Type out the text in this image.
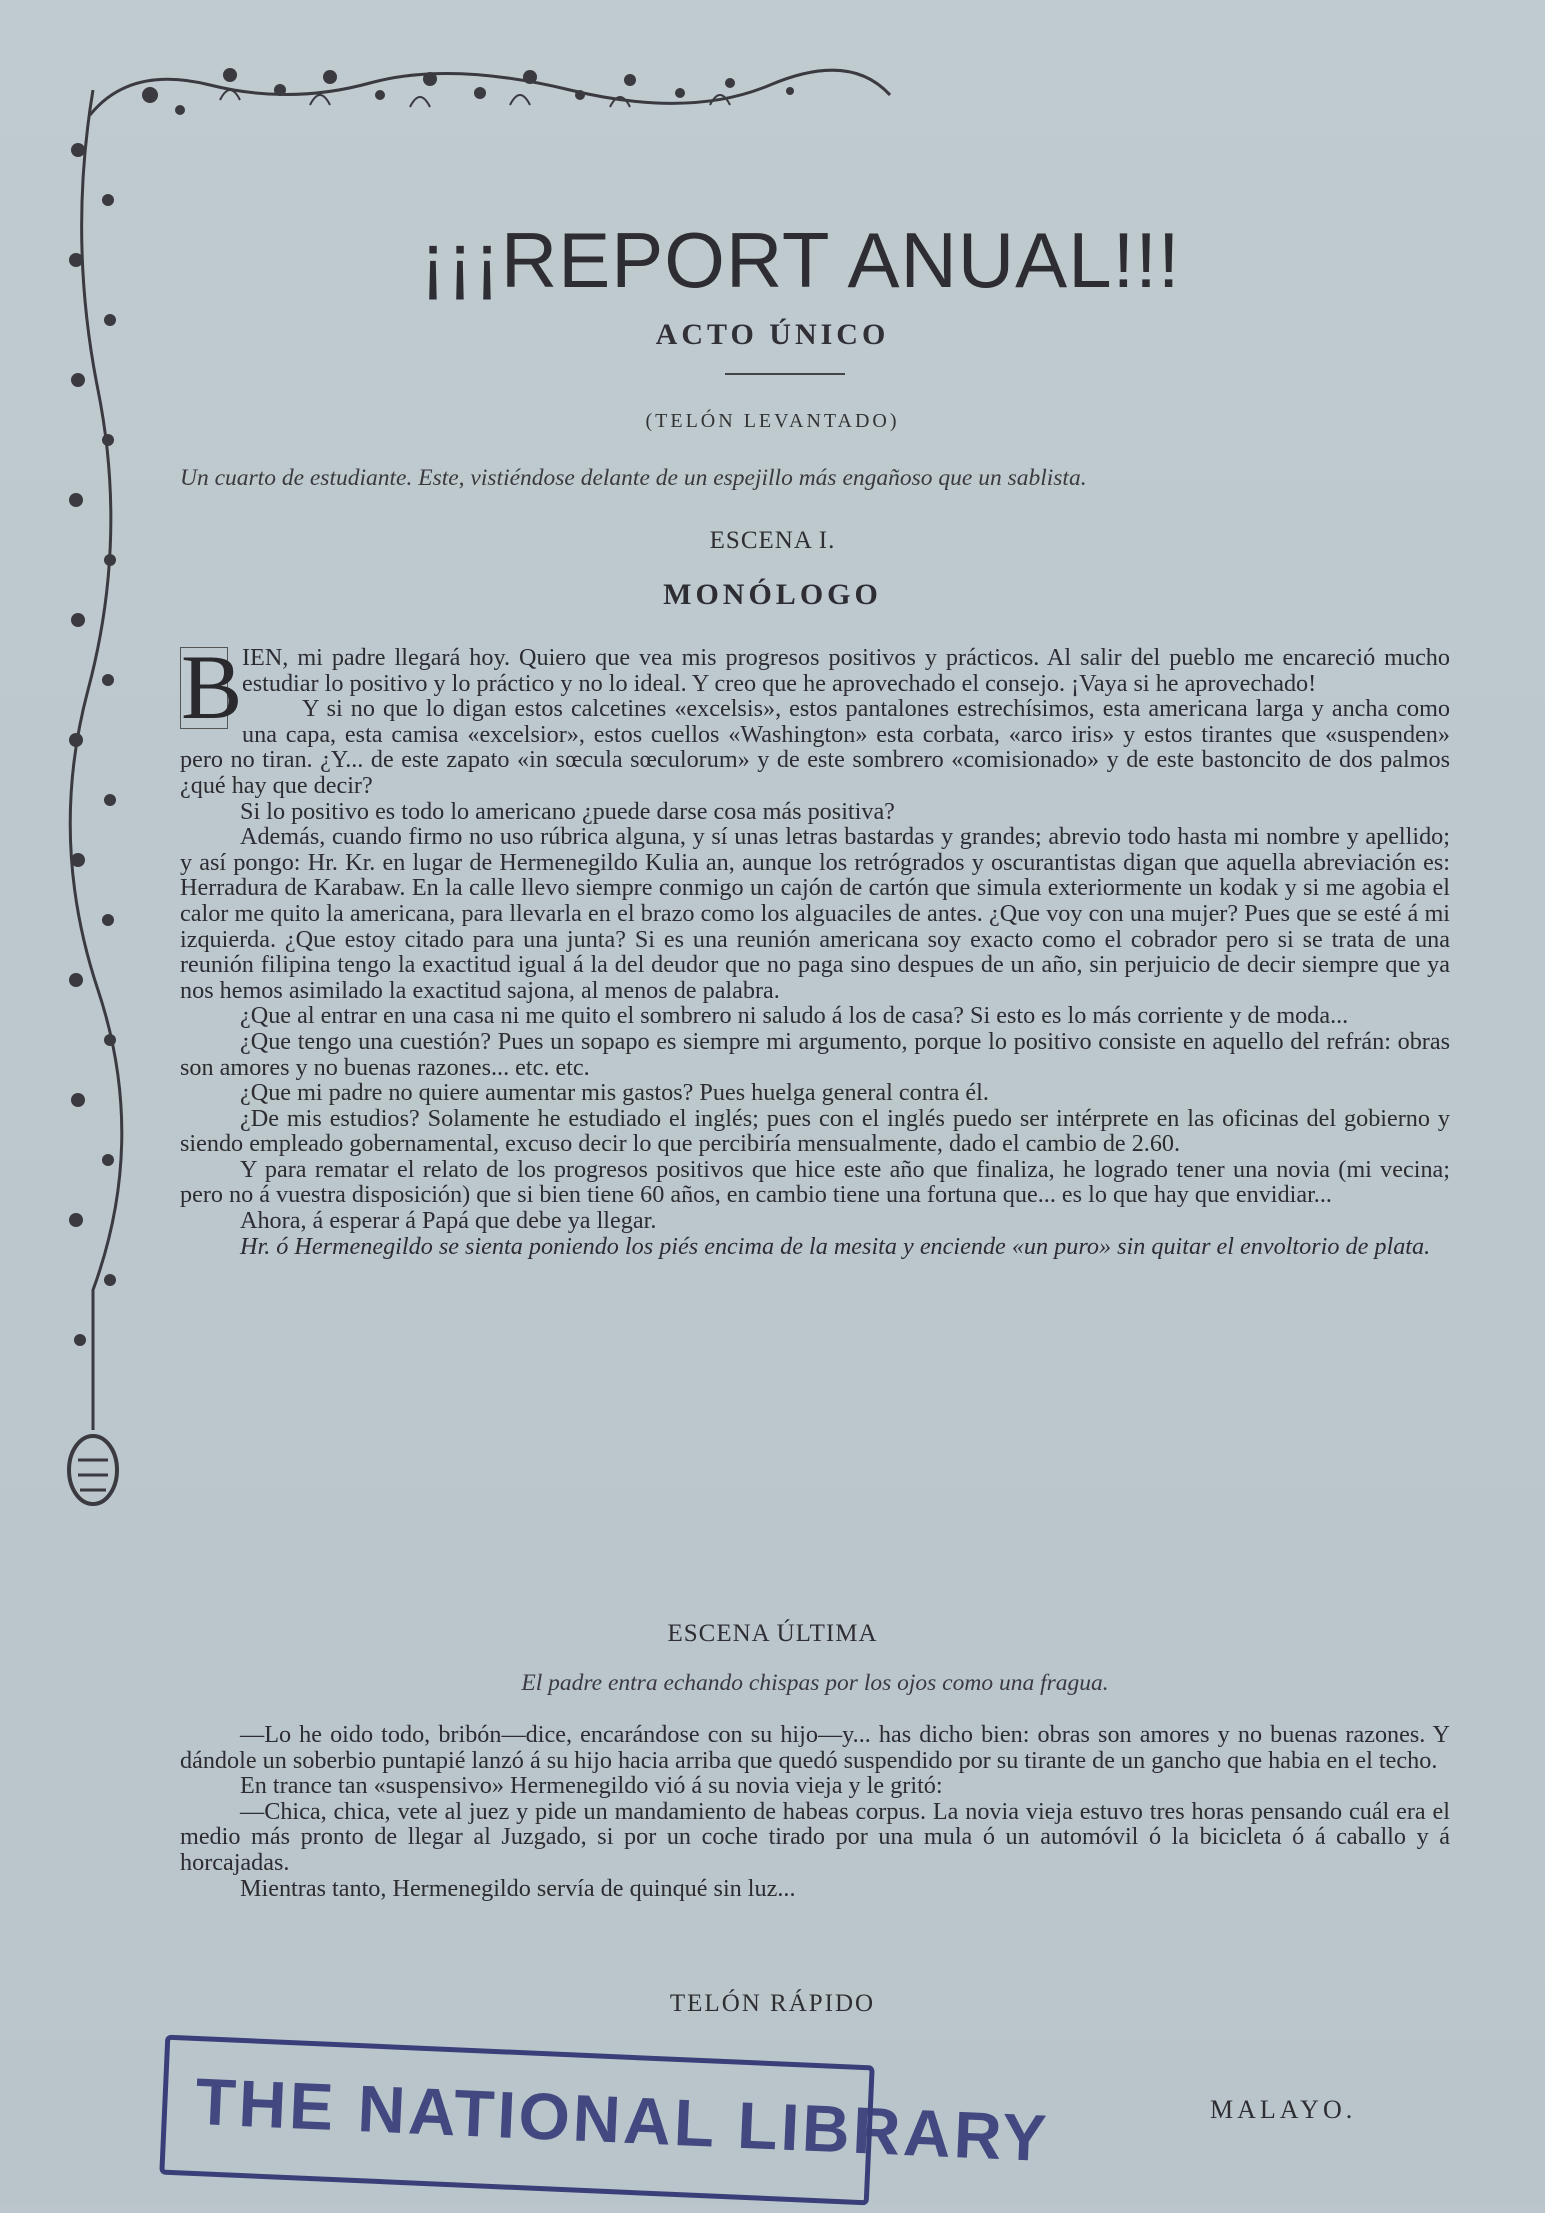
¡¡¡REPORT ANUAL!!!
ACTO ÚNICO
(TELÓN LEVANTADO)
Un cuarto de estudiante. Este, vistiéndose delante de un espejillo más engañoso que un sablista.
ESCENA I.
MONÓLOGO

B IEN, mi padre llegará hoy. Quiero que vea mis progresos positivos y prácticos. Al salir del pueblo me encareció mucho estudiar lo positivo y lo práctico y no lo ideal. Y creo que he aprovechado el consejo. ¡Vaya si he aprovechado!

Y si no que lo digan estos calcetines «excelsis», estos pantalones estrechísimos, esta americana larga y ancha como una capa, esta camisa «excelsior», estos cuellos «Washington» esta corbata, «arco iris» y estos tirantes que «suspenden» pero no tiran. ¿Y... de este zapato «in sœcula sœculorum» y de este sombrero «comisionado» y de este bastoncito de dos palmos ¿qué hay que decir?

Si lo positivo es todo lo americano ¿puede darse cosa más positiva?

Además, cuando firmo no uso rúbrica alguna, y sí unas letras bastardas y grandes; abrevio todo hasta mi nombre y apellido; y así pongo: Hr. Kr. en lugar de Hermenegildo Kulia an, aunque los retrógrados y oscurantistas digan que aquella abreviación es: Herradura de Karabaw. En la calle llevo siempre conmigo un cajón de cartón que simula exteriormente un kodak y si me agobia el calor me quito la americana, para llevarla en el brazo como los alguaciles de antes. ¿Que voy con una mujer? Pues que se esté á mi izquierda. ¿Que estoy citado para una junta? Si es una reunión americana soy exacto como el cobrador pero si se trata de una reunión filipina tengo la exactitud igual á la del deudor que no paga sino despues de un año, sin perjuicio de decir siempre que ya nos hemos asimilado la exactitud sajona, al menos de palabra.

¿Que al entrar en una casa ni me quito el sombrero ni saludo á los de casa? Si esto es lo más corriente y de moda...

¿Que tengo una cuestión? Pues un sopapo es siempre mi argumento, porque lo positivo consiste en aquello del refrán: obras son amores y no buenas razones... etc. etc.

¿Que mi padre no quiere aumentar mis gastos? Pues huelga general contra él.

¿De mis estudios? Solamente he estudiado el inglés; pues con el inglés puedo ser intérprete en las oficinas del gobierno y siendo empleado gobernamental, excuso decir lo que percibiría mensualmente, dado el cambio de 2.60.

Y para rematar el relato de los progresos positivos que hice este año que finaliza, he logrado tener una novia (mi vecina; pero no á vuestra disposición) que si bien tiene 60 años, en cambio tiene una fortuna que... es lo que hay que envidiar...

Ahora, á esperar á Papá que debe ya llegar.

Hr. ó Hermenegildo se sienta poniendo los piés encima de la mesita y enciende «un puro» sin quitar el envoltorio de plata.

ESCENA ÚLTIMA
El padre entra echando chispas por los ojos como una fragua.

—Lo he oido todo, bribón—dice, encarándose con su hijo—y... has dicho bien: obras son amores y no buenas razones. Y dándole un soberbio puntapié lanzó á su hijo hacia arriba que quedó suspendido por su tirante de un gancho que habia en el techo.

En trance tan «suspensivo» Hermenegildo vió á su novia vieja y le gritó:

—Chica, chica, vete al juez y pide un mandamiento de habeas corpus. La novia vieja estuvo tres horas pensando cuál era el medio más pronto de llegar al Juzgado, si por un coche tirado por una mula ó un automóvil ó la bicicleta ó á caballo y á horcajadas.

Mientras tanto, Hermenegildo servía de quinqué sin luz...

TELÓN RÁPIDO
THE NATIONAL LIBRARY	MALAYO.
